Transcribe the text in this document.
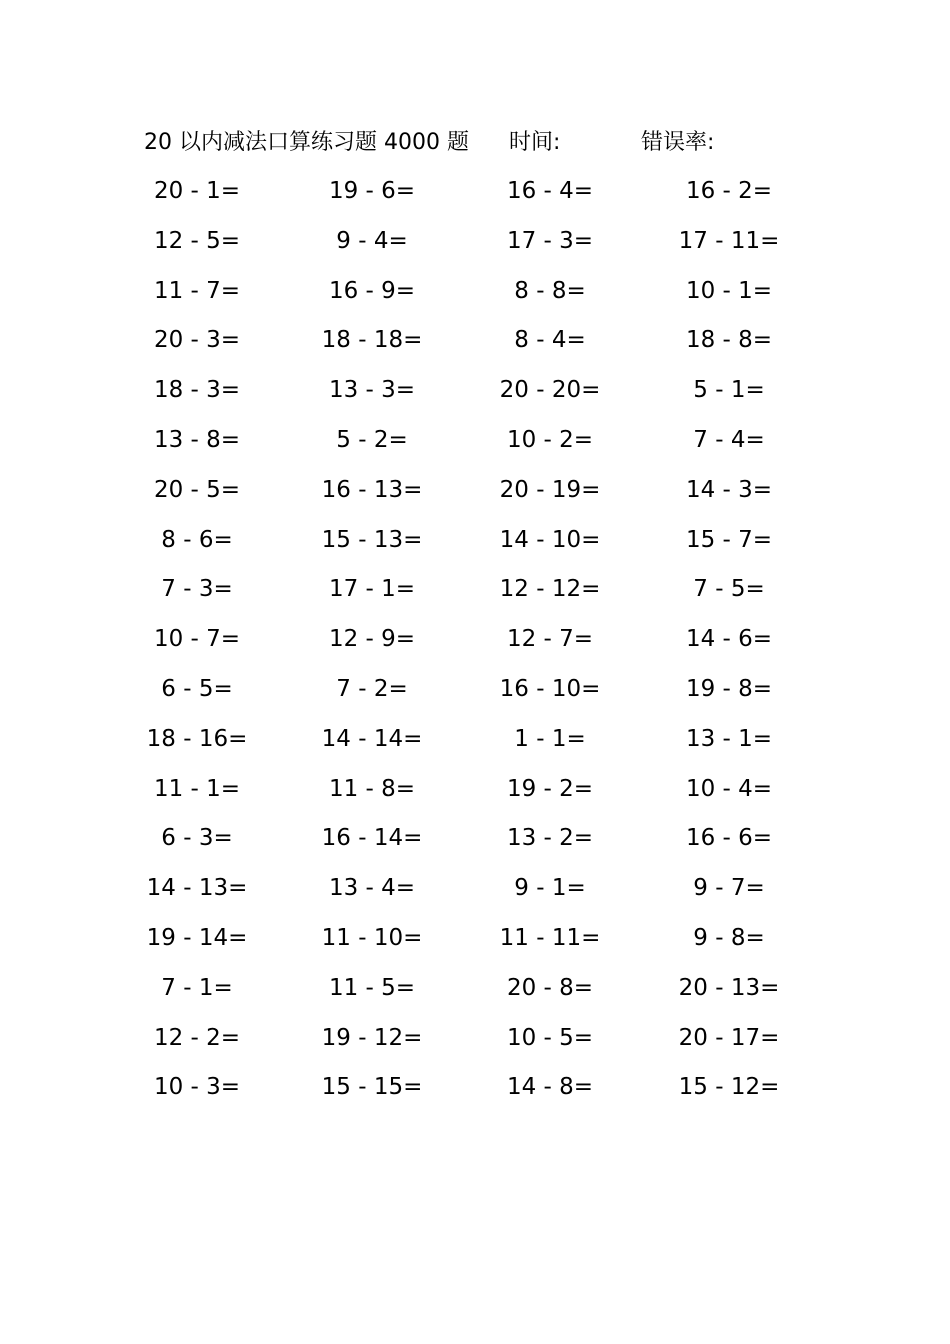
20 以内减法口算练习题 4000 题 时间:	错误率:
20 - 1=	19 - 6=	16 - 4=	16 - 2=
12 - 5=	9 - 4=	17 - 3=	17 - 11=
11 - 7=	16 - 9=	8 - 8=	10 - 1=
20 - 3=	18 - 18=	8 - 4=	18 - 8=
18 - 3=	13 - 3=	20 - 20=	5 - 1=
13 - 8=	5 - 2=	10 - 2=	7 - 4=
20 - 5=	16 - 13=	20 - 19=	14 - 3=
8 - 6=	15 - 13=	14 - 10=	15 - 7=
7 - 3=	17 - 1=	12 - 12=	7 - 5=
10 - 7=	12 - 9=	12 - 7=	14 - 6=
6 - 5=	7 - 2=	16 - 10=	19 - 8=
18 - 16=	14 - 14=	1 - 1=	13 - 1=
11 - 1=	11 - 8=	19 - 2=	10 - 4=
6 - 3=	16 - 14=	13 - 2=	16 - 6=
14 - 13=	13 - 4=	9 - 1=	9 - 7=
19 - 14=	11 - 10=	11 - 11=	9 - 8=
7 - 1=	11 - 5=	20 - 8=	20 - 13=
12 - 2=	19 - 12=	10 - 5=	20 - 17=
10 - 3=	15 - 15=	14 - 8=	15 - 12=
